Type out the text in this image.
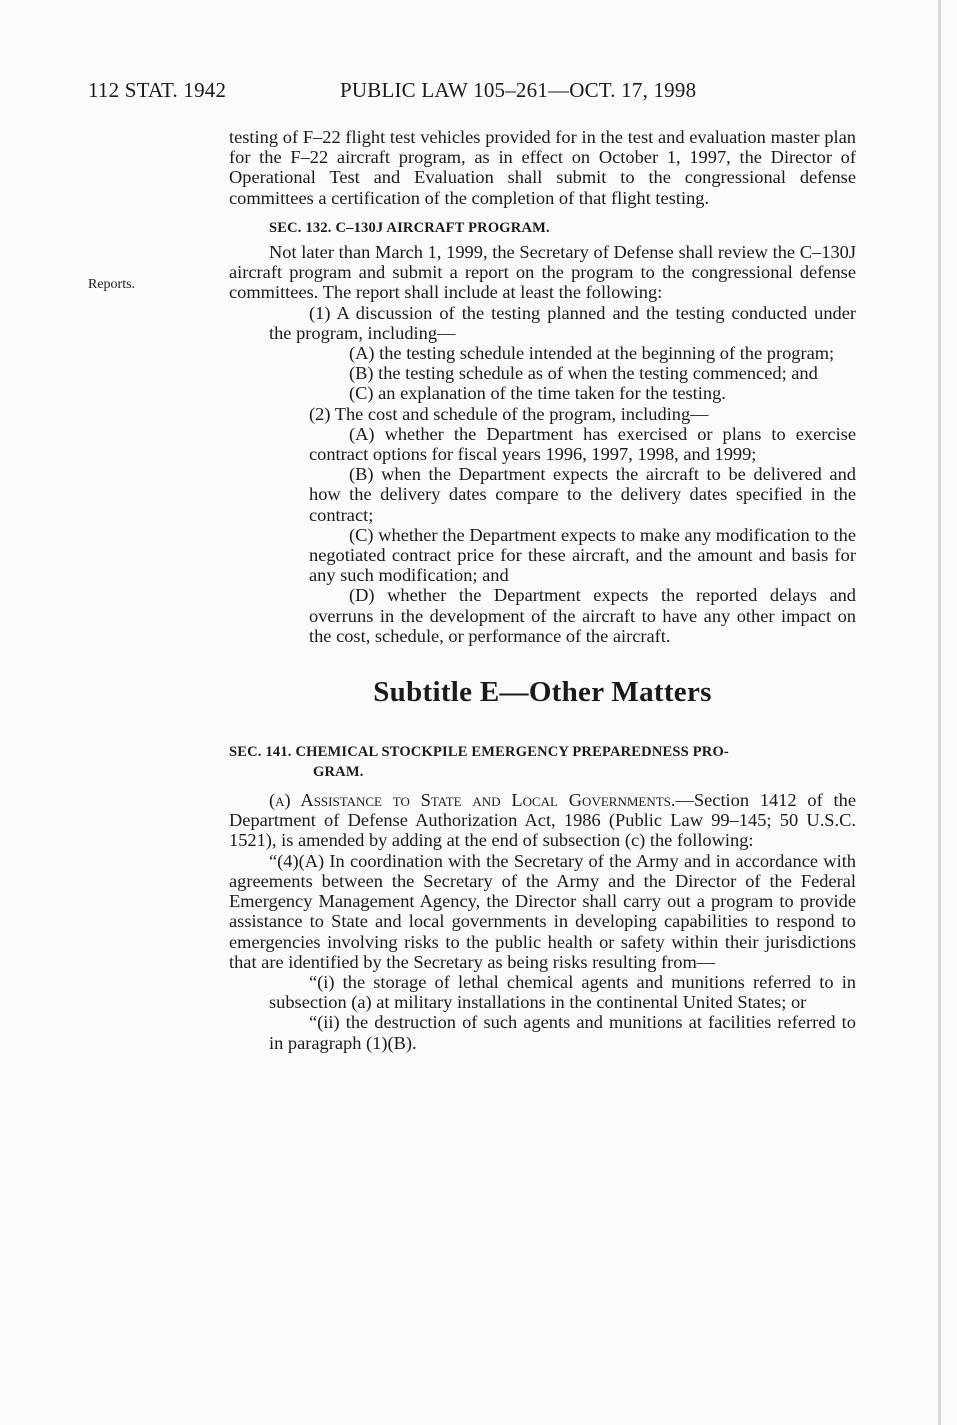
112 STAT. 1942	PUBLIC LAW 105–261—OCT. 17, 1998
Reports.

testing of F–22 flight test vehicles provided for in the test and evaluation master plan for the F–22 aircraft program, as in effect on October 1, 1997, the Director of Operational Test and Evaluation shall submit to the congressional defense committees a certification of the completion of that flight testing.

SEC. 132. C–130J AIRCRAFT PROGRAM.

Not later than March 1, 1999, the Secretary of Defense shall review the C–130J aircraft program and submit a report on the program to the congressional defense committees. The report shall include at least the following:

(1) A discussion of the testing planned and the testing conducted under the program, including—

(A) the testing schedule intended at the beginning of the program;

(B) the testing schedule as of when the testing commenced; and

(C) an explanation of the time taken for the testing.

(2) The cost and schedule of the program, including—

(A) whether the Department has exercised or plans to exercise contract options for fiscal years 1996, 1997, 1998, and 1999;

(B) when the Department expects the aircraft to be delivered and how the delivery dates compare to the delivery dates specified in the contract;

(C) whether the Department expects to make any modification to the negotiated contract price for these aircraft, and the amount and basis for any such modification; and

(D) whether the Department expects the reported delays and overruns in the development of the aircraft to have any other impact on the cost, schedule, or performance of the aircraft.

Subtitle E—Other Matters

SEC. 141. CHEMICAL STOCKPILE EMERGENCY PREPAREDNESS PRO-
GRAM.

(a) Assistance to State and Local Governments.—Section 1412 of the Department of Defense Authorization Act, 1986 (Public Law 99–145; 50 U.S.C. 1521), is amended by adding at the end of subsection (c) the following:

“(4)(A) In coordination with the Secretary of the Army and in accordance with agreements between the Secretary of the Army and the Director of the Federal Emergency Management Agency, the Director shall carry out a program to provide assistance to State and local governments in developing capabilities to respond to emergencies involving risks to the public health or safety within their jurisdictions that are identified by the Secretary as being risks resulting from—

“(i) the storage of lethal chemical agents and munitions referred to in subsection (a) at military installations in the continental United States; or

“(ii) the destruction of such agents and munitions at facilities referred to in paragraph (1)(B).
